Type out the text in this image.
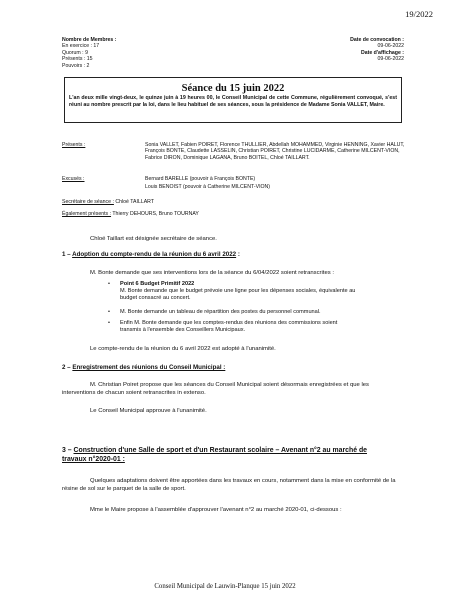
19/2022
Nombre de Membres :
En exercice : 17
Quorum : 9
Présents : 15
Pouvoirs : 2
Date de convocation :
09-06-2022
Date d'affichage :
09-06-2022
Séance du 15 juin 2022
L'an deux mille vingt-deux, le quinze juin à 19 heures 00, le Conseil Municipal de cette Commune, régulièrement convoqué, s'est réuni au nombre prescrit par la loi, dans le lieu habituel de ses séances, sous la présidence de Madame Sonia VALLET, Maire.
Présents :	Sonia VALLET, Fabien POIRET, Florence THULLIER, Abdellah MOHAMMED, Virginie HENNING, Xavier HALUT, François BONTE, Claudette LASSELIN, Christian POIRET, Christine LUCIDARME, Catherine MILCENT-VION, Fabrice DIRON, Dominique LAGANA, Bruno BOITEL, Chloé TAILLART.
Excusés :	Bernard BARELLE (pouvoir à François BONTE)
Louis BENOIST (pouvoir à Catherine MILCENT-VION)
Secrétaire de séance : Chloé TAILLART
Également présents : Thierry DEHOURS, Bruno TOURNAY
Chloé Taillart est désignée secrétaire de séance.
1 – Adoption du compte-rendu de la réunion du 6 avril 2022 :
M. Bonte demande que ses interventions lors de la séance du 6/04/2022 soient retranscrites :
• Point 6 Budget Primitif 2022
M. Bonte demande que le budget prévoie une ligne pour les dépenses sociales, équivalente au budget consacré au concert.
• M. Bonte demande un tableau de répartition des postes du personnel communal.
• Enfin M. Bonte demande que les comptes-rendus des réunions des commissions soient transmis à l'ensemble des Conseillers Municipaux.
Le compte-rendu de la réunion du 6 avril 2022 est adopté à l'unanimité.
2 – Enregistrement des réunions du Conseil Municipal :
M. Christian Poiret propose que les séances du Conseil Municipal soient désormais enregistrées et que les interventions de chacun soient retranscrites in extenso.
Le Conseil Municipal approuve à l'unanimité.
3 – Construction d'une Salle de sport et d'un Restaurant scolaire – Avenant n°2 au marché de
travaux n°2020-01 :
Quelques adaptations doivent être apportées dans les travaux en cours, notamment dans la mise en conformité de la résine de sol sur le parquet de la salle de sport.
Mme le Maire propose à l'assemblée d'approuver l'avenant n°2 au marché 2020-01, ci-dessous :
Conseil Municipal de Lauwin-Planque 15 juin 2022
